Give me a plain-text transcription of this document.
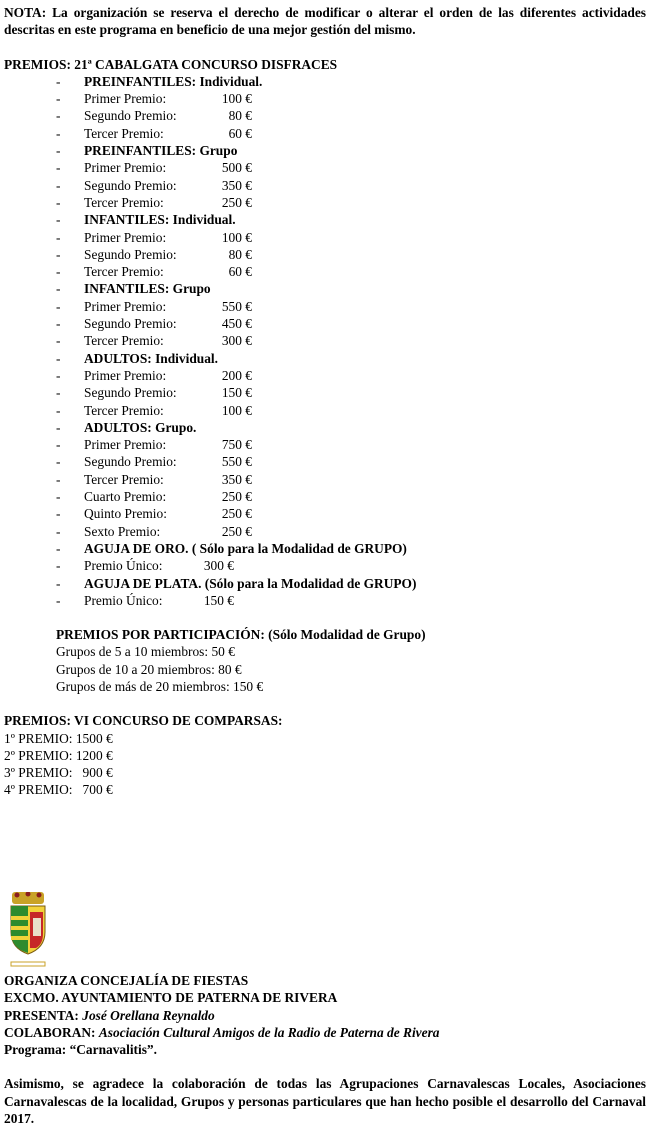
NOTA: La organización se reserva el derecho de modificar o alterar el orden de las diferentes actividades descritas en este programa en beneficio de una mejor gestión del mismo.
PREMIOS: 21ª CABALGATA CONCURSO DISFRACES
- PREINFANTILES: Individual.
- Primer Premio:	100 €
- Segundo Premio:	80 €
- Tercer Premio:	60 €
- PREINFANTILES: Grupo
- Primer Premio:	500 €
- Segundo Premio:	350 €
- Tercer Premio:	250 €
- INFANTILES: Individual.
- Primer Premio:	100 €
- Segundo Premio:	80 €
- Tercer Premio:	60 €
- INFANTILES: Grupo
- Primer Premio:	550 €
- Segundo Premio:	450 €
- Tercer Premio:	300 €
- ADULTOS: Individual.
- Primer Premio:	200 €
- Segundo Premio:	150 €
- Tercer Premio:	100 €
- ADULTOS: Grupo.
- Primer Premio:	750 €
- Segundo Premio:	550 €
- Tercer Premio:	350 €
- Cuarto Premio:	250 €
- Quinto Premio:	250 €
- Sexto Premio:	250 €
- AGUJA DE ORO. ( Sólo para la Modalidad de GRUPO)
- Premio Único:	300 €
- AGUJA DE PLATA. (Sólo para la Modalidad de GRUPO)
- Premio Único:	150 €
PREMIOS POR PARTICIPACIÓN: (Sólo Modalidad de Grupo)
Grupos de 5 a 10 miembros: 50 €
Grupos de 10 a 20 miembros: 80 €
Grupos de más de 20 miembros: 150 €
PREMIOS: VI CONCURSO DE COMPARSAS:
1º PREMIO: 1500 €
2º PREMIO: 1200 €
3º PREMIO:   900 €
4º PREMIO:   700 €
ORGANIZA CONCEJALÍA DE FIESTAS
EXCMO. AYUNTAMIENTO DE PATERNA DE RIVERA
PRESENTA: José Orellana Reynaldo
COLABORAN: Asociación Cultural Amigos de la Radio de Paterna de Rivera
Programa: “Carnavalitis”.
Asimismo, se agradece la colaboración de todas las Agrupaciones Carnavalescas Locales, Asociaciones Carnavalescas de la localidad, Grupos y personas particulares que han hecho posible el desarrollo del Carnaval 2017.
